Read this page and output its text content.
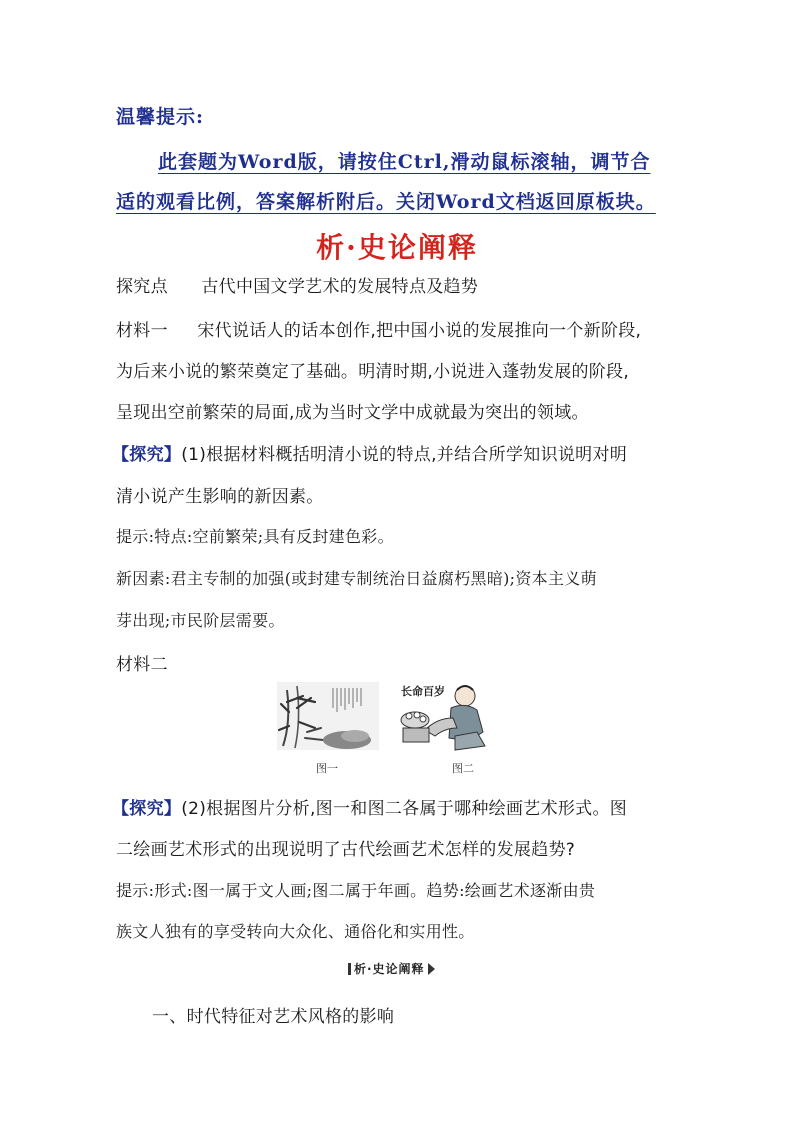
温馨提示:
此套题为Word版，请按住Ctrl,滑动鼠标滚轴，调节合
适的观看比例，答案解析附后。关闭Word文档返回原板块。
析·史论阐释
探究点 古代中国文学艺术的发展特点及趋势
材料一 宋代说话人的话本创作,把中国小说的发展推向一个新阶段,
为后来小说的繁荣奠定了基础。明清时期,小说进入蓬勃发展的阶段,
呈现出空前繁荣的局面,成为当时文学中成就最为突出的领域。
【探究】(1)根据材料概括明清小说的特点,并结合所学知识说明对明
清小说产生影响的新因素。
提示:特点:空前繁荣;具有反封建色彩。
新因素:君主专制的加强(或封建专制统治日益腐朽黑暗);资本主义萌
芽出现;市民阶层需要。
材料二
长命百岁
图一	图二
【探究】(2)根据图片分析,图一和图二各属于哪种绘画艺术形式。图
二绘画艺术形式的出现说明了古代绘画艺术怎样的发展趋势?
提示:形式:图一属于文人画;图二属于年画。趋势:绘画艺术逐渐由贵
族文人独有的享受转向大众化、通俗化和实用性。
析·史论阐释
一、时代特征对艺术风格的影响
